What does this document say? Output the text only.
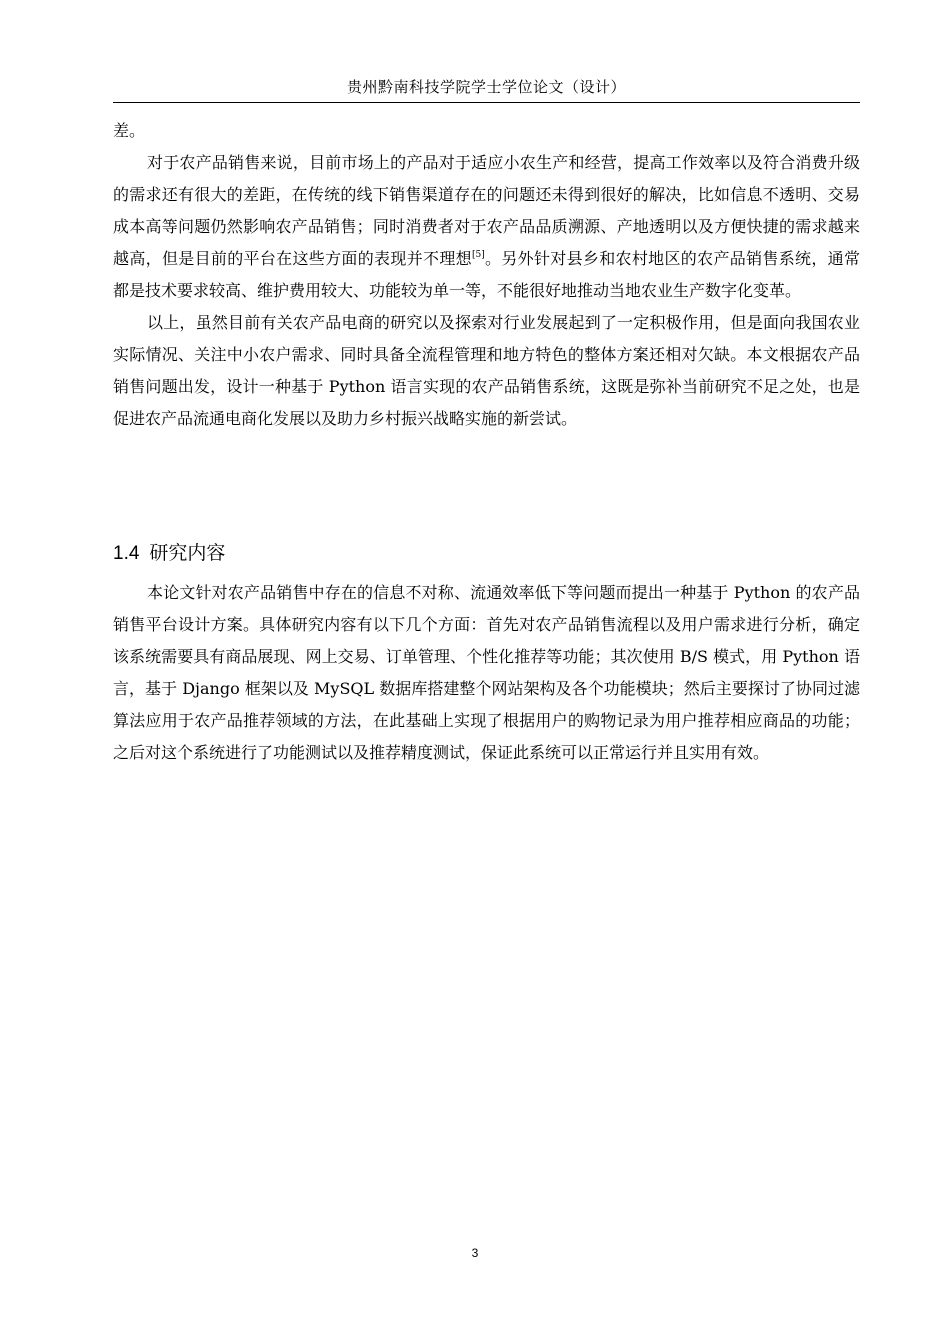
贵州黔南科技学院学士学位论文（设计）

差。

对于农产品销售来说，目前市场上的产品对于适应小农生产和经营，提高工作效率以及符合消费升级的需求还有很大的差距，在传统的线下销售渠道存在的问题还未得到很好的解决，比如信息不透明、交易成本高等问题仍然影响农产品销售；同时消费者对于农产品品质溯源、产地透明以及方便快捷的需求越来越高，但是目前的平台在这些方面的表现并不理想[5]。另外针对县乡和农村地区的农产品销售系统，通常都是技术要求较高、维护费用较大、功能较为单一等，不能很好地推动当地农业生产数字化变革。

以上，虽然目前有关农产品电商的研究以及探索对行业发展起到了一定积极作用，但是面向我国农业实际情况、关注中小农户需求、同时具备全流程管理和地方特色的整体方案还相对欠缺。本文根据农产品销售问题出发，设计一种基于 Python 语言实现的农产品销售系统，这既是弥补当前研究不足之处，也是促进农产品流通电商化发展以及助力乡村振兴战略实施的新尝试。

1.4 研究内容

本论文针对农产品销售中存在的信息不对称、流通效率低下等问题而提出一种基于 Python 的农产品销售平台设计方案。具体研究内容有以下几个方面：首先对农产品销售流程以及用户需求进行分析，确定该系统需要具有商品展现、网上交易、订单管理、个性化推荐等功能；其次使用 B/S 模式，用 Python 语言，基于 Django 框架以及 MySQL 数据库搭建整个网站架构及各个功能模块；然后主要探讨了协同过滤算法应用于农产品推荐领域的方法，在此基础上实现了根据用户的购物记录为用户推荐相应商品的功能；之后对这个系统进行了功能测试以及推荐精度测试，保证此系统可以正常运行并且实用有效。

3
